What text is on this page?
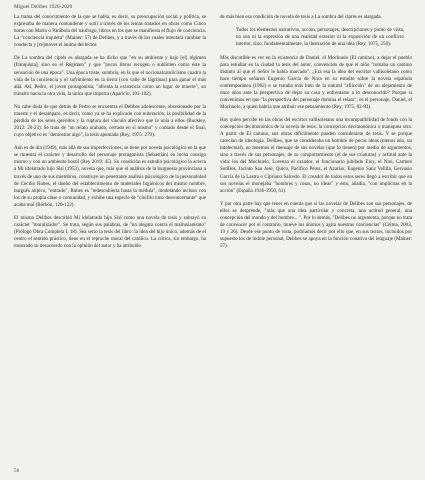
Miguel Delibes 1920-2020

La trama del conocimiento de la que se habla, es decir, su preocupación social y política, se expresaba de manera contundente y sutil a través de los temas tratados en obras como Cinco horas con Mario o Parábola del náufrago, libros en los que se manifiesta el flujo de conciencia. La "conciencia inquieta" (Mainer: 57) de Delibes, y a través de los cuales intentará cambiar la conducta y [re]mover el ánimo del lector.

De La sombra del ciprés es alargada se ha dicho que "en su ambiente y bajo [el] régimen [franquista], sino en el Régimen" y que "pocos libros recogen o sublimen como éste la sensación de una época". Una época triste, sombría, en la que el nocionalcatolicismo cuadra la vida de la conciencia y el sufrimiento en la tierra (con valle de lágrimas) para ganar el más allá. Así, Pedro, el joven protagonista, "afronta la existencia como un lugar de muerte", un tránsito hacia la otra vida, la única que importa (Aparicio, 101-102).

No cabe duda de que detrás de Pedro se encuentra el Delibes adolescente, obsesionado por la muerte y el desamparo, es decir, como ya se ha explicado con reiteración, la posibilidad de la pérdida de los seres queridos y la ruptura del vínculo afectivo que le unía a ellos (Buckley, 2012: 20-23). Se trata de "un relato acabado, cerrado en sí mismo" y contado desde el final, cuyo objetivo es "demostrar algo", la tesis apuntada (Rey, 1975: 279).

Aún es de día (1949), más allá de sus imperfecciones, se tiene por novela psicológica en la que se muestra el carácter y desarrollo del personaje protagonista (Sebastián) en lucha consigo mismo y con un ambiente hostil (Rey 2019: 45). Su condición es estudio psicológico la acerca a Mi idolatrado hijo Sisí (1953), novela que, más que el análisis de la burguesía provinciana a través de uno de sus miembros, construye un penetrante análisis psicológico de la personalidad de Cecilio Rubes, el dueño del establecimiento de materiales higiénicos del mismo nombre, burgués atípico, "entrado", Rubes es "redescubierta hasta la médula", modelando incluso con los de su propia clase o comunidad, y exhibe una especie de "cínifilo nmo desconcertante" que acaba mal (Bórbón, 120-122).

El mismo Delibes describió Mi idolatrado hijo Sisí como una novela de tesis y subrayó su carácter "moralizador". Se trata, según sus palabras, de "un alegato contra el maltusianismo" (Prólogo Obra Completa I, 18). Sea serio la tesis del libro: la idea del hijo único, además de el centro el sentido práctico, tiene en el reproche moral del católico. La crítica, sin embargo, ha mostrado su desacuerdo con la opinión del autor y ha atribuido

de más bien esa condición de novela de tesis a La sombra del ciprés es alargada.

Todos los elementos narrativos, acción, personajes, descripciones y punto de vista, no son ni la expresión de una realidad exterior ni la exposición de un conflicto interior, sino, fundamentalmente, la ilustración de una idea (Rey, 1975, 250).

Más discutible es ver en la existencia de Daniel, el Mochuelo (El camino), a dejar el pueblo para estudiar en la ciudad la tesis del autor, convencido de que el niño "tomaba un camino distinto al que el Señor le había marcado". ¿Era esa la idea del escritor vallisoletano como hace tiempo señaron Eugenio García de Nora en su estudio sobre la novela española contemporánea (1962) o se trataba más bien de la natural "aflicción" de un alejamiento de once años ante la perspectiva de dejar su casa y enfrentarse a lo desconocido? Porque si convenimos en que "la perspectiva del personaje domina el relato", es el personaje, Daniel, el Mochuelo, a quien habría que atribuir ese pensamiento (Rey, 1975, 82-83).

Hay quien percibe en las obras del escritor vallisoletano una incompatibilidad de fondo con la concepción decimonónica de la novela de tesis: la concepción decimonónica o maniquea otra. A partir de El camino, sus obras difícilmente pueden considerarse de tesis. Y se porque carecían de ideología. Delibes, que se consideraba un hombre de pocas ideas (menos aún, un intelectual), no tenemos el mensaje de sus novelas (que lo tienen) por medio de argumentos, sino a través de sus personajes, de su comportamiento (el de sus criaturas) y actitud ante la vida: los del Mochuelo, Lorenzo el cazador, el funcionario jubilado Eloy, el Nini, Carmen Sotillos, Jacinto San José, Quico, Pacífico Pérez, el Azarías, Eugenio Sanz Vellila, Gervasio García de la Lastra o Cipriano Salcedo. El creador de todos estos seres llegó a escribir que en sus novelas el monejaba "hombres y cosas, no ideas" y esto, añadía, "con implicitas en la acción" (España 1936-1950, 61).

Y por otra parte hay que tener en cuenta que si las novelas de Delibes son sus personajes, de ellos se desprende, "más que una idea particular y concreta, una actitud general, una concepción del mundo y del hombre... ". Por lo demás, "Delibes no argumenta, porque no trata de convencer por el contrario, mueve los ánimos y agita nuestras conciencias" (Celma, 2003, 19 y 26). Desde ese punto de vista, podríamos decir por ello que, en sus textos, incluidos por supuesto los de índole personal, Delibes se apoya en la función conativa del lenguaje (Mainer: 57).

56
